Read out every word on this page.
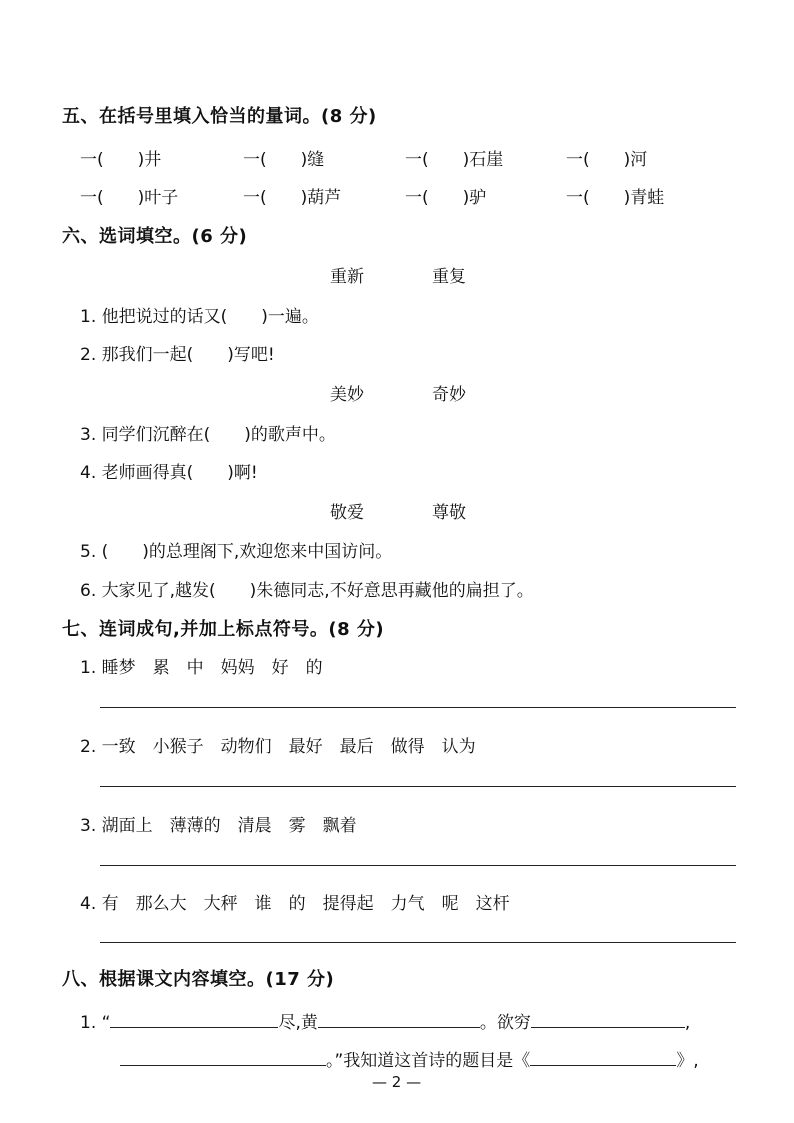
五、在括号里填入恰当的量词。(8 分)
一(　　)井	一(　　)缝	一(　　)石崖	一(　　)河
一(　　)叶子	一(　　)葫芦	一(　　)驴	一(　　)青蛙
六、选词填空。(6 分)
重新	重复
1. 他把说过的话又(　　)一遍。
2. 那我们一起(　　)写吧!
美妙	奇妙
3. 同学们沉醉在(　　)的歌声中。
4. 老师画得真(　　)啊!
敬爱	尊敬
5. (　　)的总理阁下,欢迎您来中国访问。
6. 大家见了,越发(　　)朱德同志,不好意思再藏他的扁担了。
七、连词成句,并加上标点符号。(8 分)
1. 睡梦　累　中　妈妈　好　的
2. 一致　小猴子　动物们　最好　最后　做得　认为
3. 湖面上　薄薄的　清晨　雾　飘着
4. 有　那么大　大秤　谁　的　提得起　力气　呢　这杆
八、根据课文内容填空。(17 分)
1. “	尽,黄	。欲穷	,
。”我知道这首诗的题目是《	》,
— 2 —
